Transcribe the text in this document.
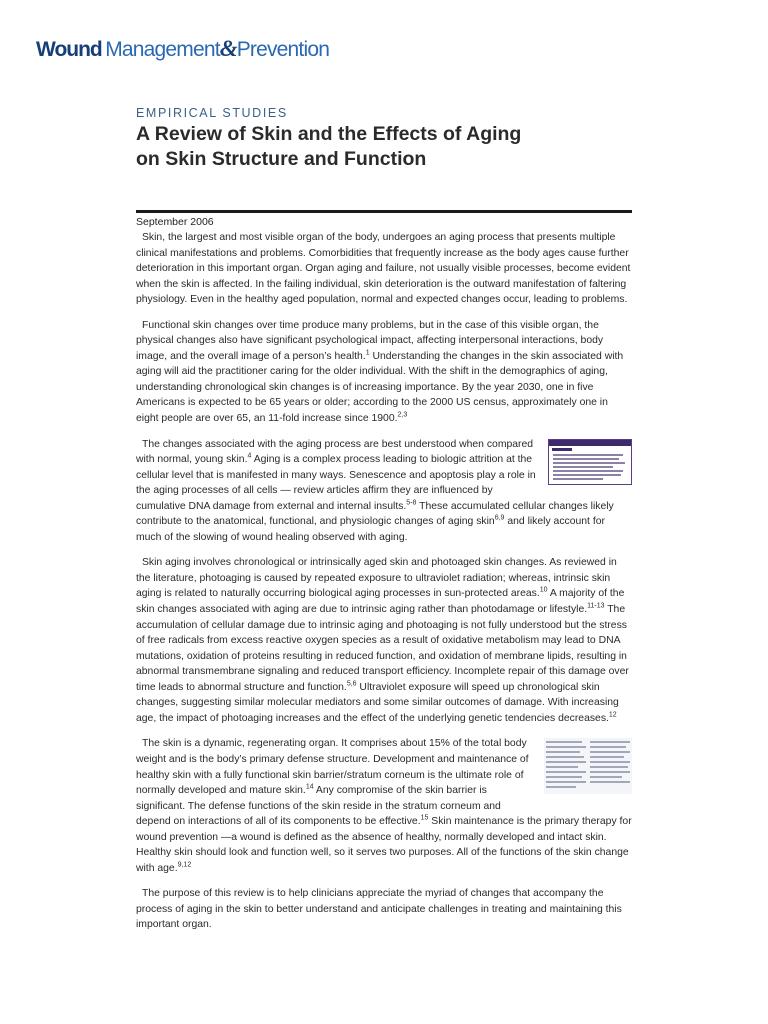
Wound Management&Prevention
EMPIRICAL STUDIES
A Review of Skin and the Effects of Aging on Skin Structure and Function
September 2006

Skin, the largest and most visible organ of the body, undergoes an aging process that presents multiple clinical manifestations and problems. Comorbidities that frequently increase as the body ages cause further deterioration in this important organ. Organ aging and failure, not usually visible processes, become evident when the skin is affected. In the failing individual, skin deterioration is the outward manifestation of faltering physiology. Even in the healthy aged population, normal and expected changes occur, leading to problems.

Functional skin changes over time produce many problems, but in the case of this visible organ, the physical changes also have significant psychological impact, affecting interpersonal interactions, body image, and the overall image of a person’s health.$^1$ Understanding the changes in the skin associated with aging will aid the practitioner caring for the older individual. With the shift in the demographics of aging, understanding chronological skin changes is of increasing importance. By the year 2030, one in five Americans is expected to be 65 years or older; according to the 2000 US census, approximately one in eight people are over 65, an 11-fold increase since 1900.$^{2,3}$

The changes associated with the aging process are best understood when compared with normal, young skin.$^4$ Aging is a complex process leading to biologic attrition at the cellular level that is manifested in many ways. Senescence and apoptosis play a role in the aging processes of all cells — review articles affirm they are influenced by cumulative DNA damage from external and internal insults.$^{5-8}$ These accumulated cellular changes likely contribute to the anatomical, functional, and physiologic changes of aging skin$^{6,9}$ and likely account for much of the slowing of wound healing observed with aging.

Skin aging involves chronological or intrinsically aged skin and photoaged skin changes. As reviewed in the literature, photoaging is caused by repeated exposure to ultraviolet radiation; whereas, intrinsic skin aging is related to naturally occurring biological aging processes in sun-protected areas.$^{10}$ A majority of the skin changes associated with aging are due to intrinsic aging rather than photodamage or lifestyle.$^{11-13}$ The accumulation of cellular damage due to intrinsic aging and photoaging is not fully understood but the stress of free radicals from excess reactive oxygen species as a result of oxidative metabolism may lead to DNA mutations, oxidation of proteins resulting in reduced function, and oxidation of membrane lipids, resulting in abnormal transmembrane signaling and reduced transport efficiency. Incomplete repair of this damage over time leads to abnormal structure and function.$^{5,6}$ Ultraviolet exposure will speed up chronological skin changes, suggesting similar molecular mediators and some similar outcomes of damage. With increasing age, the impact of photoaging increases and the effect of the underlying genetic tendencies decreases.$^{12}$

The skin is a dynamic, regenerating organ. It comprises about 15% of the total body weight and is the body’s primary defense structure. Development and maintenance of healthy skin with a fully functional skin barrier/stratum corneum is the ultimate role of normally developed and mature skin.$^{14}$ Any compromise of the skin barrier is significant. The defense functions of the skin reside in the stratum corneum and depend on interactions of all of its components to be effective.$^{15}$ Skin maintenance is the primary therapy for wound prevention —a wound is defined as the absence of healthy, normally developed and intact skin. Healthy skin should look and function well, so it serves two purposes. All of the functions of the skin change with age.$^{9,12}$

The purpose of this review is to help clinicians appreciate the myriad of changes that accompany the process of aging in the skin to better understand and anticipate challenges in treating and maintaining this important organ.
